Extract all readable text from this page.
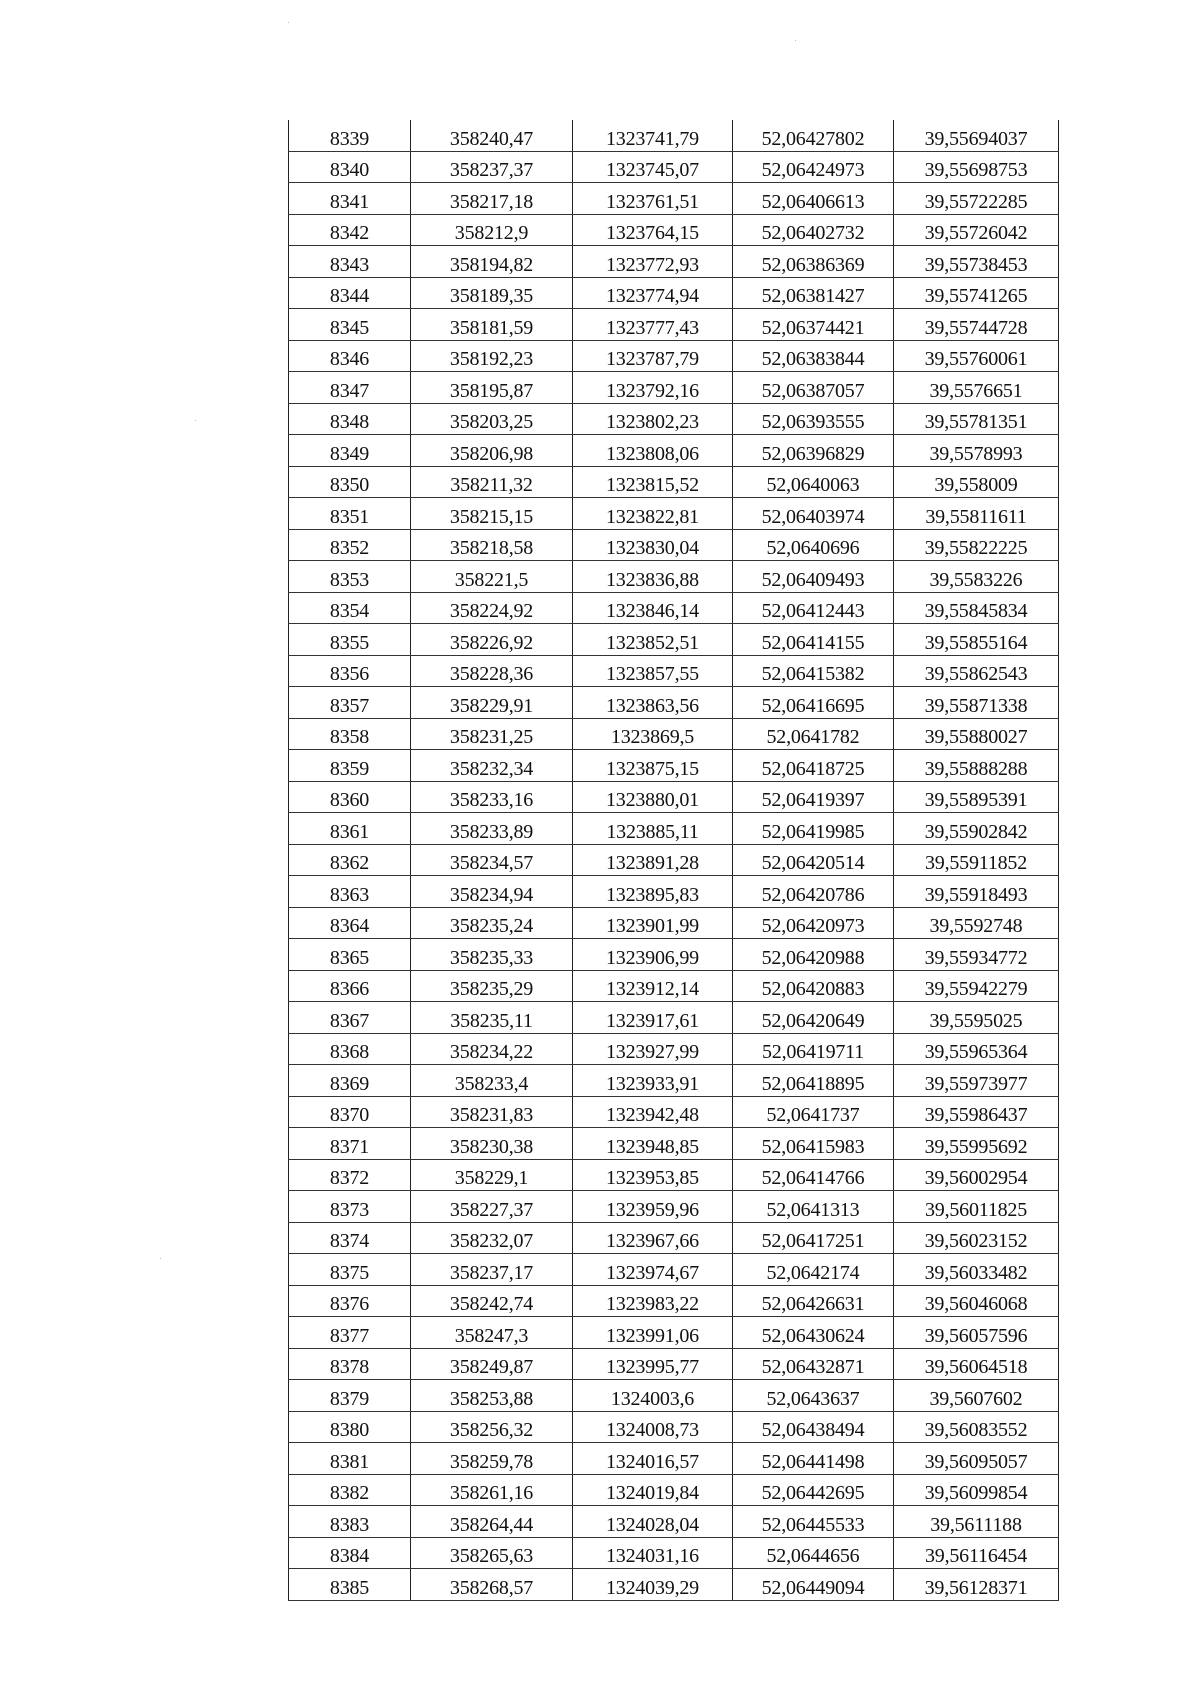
8339	358240,47	1323741,79	52,06427802	39,55694037
8340	358237,37	1323745,07	52,06424973	39,55698753
8341	358217,18	1323761,51	52,06406613	39,55722285
8342	358212,9	1323764,15	52,06402732	39,55726042
8343	358194,82	1323772,93	52,06386369	39,55738453
8344	358189,35	1323774,94	52,06381427	39,55741265
8345	358181,59	1323777,43	52,06374421	39,55744728
8346	358192,23	1323787,79	52,06383844	39,55760061
8347	358195,87	1323792,16	52,06387057	39,5576651
8348	358203,25	1323802,23	52,06393555	39,55781351
8349	358206,98	1323808,06	52,06396829	39,5578993
8350	358211,32	1323815,52	52,0640063	39,558009
8351	358215,15	1323822,81	52,06403974	39,55811611
8352	358218,58	1323830,04	52,0640696	39,55822225
8353	358221,5	1323836,88	52,06409493	39,5583226
8354	358224,92	1323846,14	52,06412443	39,55845834
8355	358226,92	1323852,51	52,06414155	39,55855164
8356	358228,36	1323857,55	52,06415382	39,55862543
8357	358229,91	1323863,56	52,06416695	39,55871338
8358	358231,25	1323869,5	52,0641782	39,55880027
8359	358232,34	1323875,15	52,06418725	39,55888288
8360	358233,16	1323880,01	52,06419397	39,55895391
8361	358233,89	1323885,11	52,06419985	39,55902842
8362	358234,57	1323891,28	52,06420514	39,55911852
8363	358234,94	1323895,83	52,06420786	39,55918493
8364	358235,24	1323901,99	52,06420973	39,5592748
8365	358235,33	1323906,99	52,06420988	39,55934772
8366	358235,29	1323912,14	52,06420883	39,55942279
8367	358235,11	1323917,61	52,06420649	39,5595025
8368	358234,22	1323927,99	52,06419711	39,55965364
8369	358233,4	1323933,91	52,06418895	39,55973977
8370	358231,83	1323942,48	52,0641737	39,55986437
8371	358230,38	1323948,85	52,06415983	39,55995692
8372	358229,1	1323953,85	52,06414766	39,56002954
8373	358227,37	1323959,96	52,0641313	39,56011825
8374	358232,07	1323967,66	52,06417251	39,56023152
8375	358237,17	1323974,67	52,0642174	39,56033482
8376	358242,74	1323983,22	52,06426631	39,56046068
8377	358247,3	1323991,06	52,06430624	39,56057596
8378	358249,87	1323995,77	52,06432871	39,56064518
8379	358253,88	1324003,6	52,0643637	39,5607602
8380	358256,32	1324008,73	52,06438494	39,56083552
8381	358259,78	1324016,57	52,06441498	39,56095057
8382	358261,16	1324019,84	52,06442695	39,56099854
8383	358264,44	1324028,04	52,06445533	39,5611188
8384	358265,63	1324031,16	52,0644656	39,56116454
8385	358268,57	1324039,29	52,06449094	39,56128371
